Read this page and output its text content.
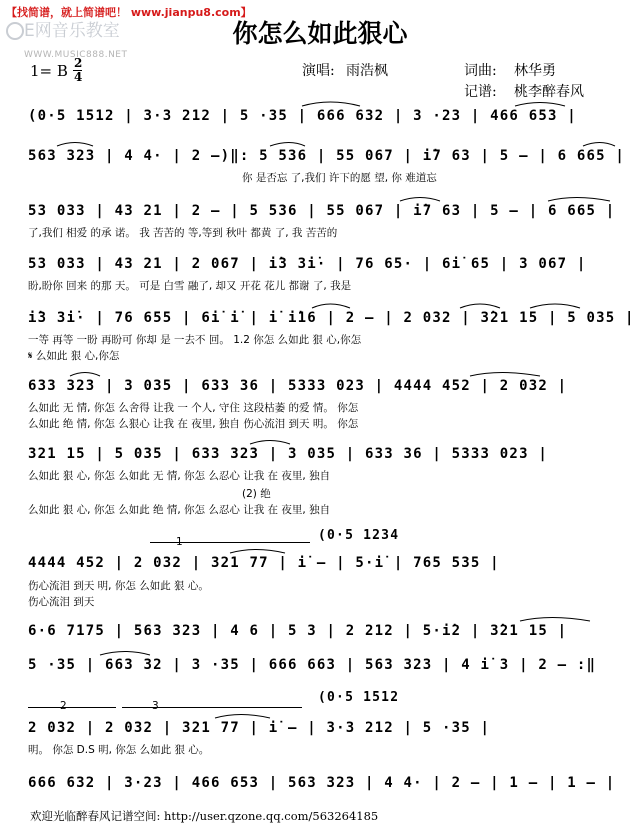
【找简谱，就上简谱吧！ www.jianpu8.com】
E网音乐教室
WWW.MUSIC888.NET
你怎么如此狠心
1= B 2
4	演唱: 雨浩枫	词曲: 林华勇
记谱: 桃李醉春风
(0·5 1512 | 3·3 212 | 5 ·35 | 666 632 | 3 ·23 | 466 653 |
563 323 | 4 4· | 2 –)‖: 5 536 | 55 067 | i̇7 63 | 5 – | 6 665 |
你 是否忘 了,我们 许下的愿 望, 你 难道忘
53 033 | 43 21 | 2 – | 5 536 | 55 067 | i̇7 63 | 5 – | 6 665 |
了,我们 相爱 的承 诺。 我 苦苦的 等,等到 秋叶 都黄 了, 我 苦苦的
53 033 | 43 21 | 2 067 | i̇3 3i̇· | 76 65· | 6i̇ 65 | 3 067 |
盼,盼你 回来 的那 天。 可是 白雪 融了, 却又 开花 花儿 都谢 了, 我是
i̇3 3i̇· | 76 655 | 6i̇ i̇ | i̇ i̇16 | 2 – | 2 032 | 3̇21 15 | 5 035 |
一等 再等 一盼 再盼可 你却 是 一去不 回。 1.2 你怎 么如此 狠 心,你怎
𝄋 么如此 狠 心,你怎
633 323 | 3 035 | 633 36 | 5333 023 | 4444 452 | 2 032 |
么如此 无 情, 你怎 么舍得 让我 一 个人, 守住 这段枯萎 的爱 情。 你怎
么如此 绝 情, 你怎 么狠心 让我 在 夜里, 独自 伤心流泪 到天 明。 你怎
321 15 | 5 035 | 633 323 | 3 035 | 633 36 | 5333 023 |
么如此 狠 心, 你怎 么如此 无 情, 你怎 么忍心 让我 在 夜里, 独自
(2) 绝
么如此 狠 心, 你怎 么如此 绝 情, 你怎 么忍心 让我 在 夜里, 独自
1	(0·5 1234
4444 452 | 2 032 | 321 77 | i̇ – | 5·i̇ | 765 535 |
伤心流泪 到天 明, 你怎 么如此 狠 心。
伤心流泪 到天
6·6 7175 | 563 323 | 4 6 | 5 3 | 2 212 | 5·i̇2 | 3̇21 15 |
5 ·35 | 663 32 | 3 ·35 | 666 663 | 563 323 | 4 i̇ 3 | 2 – :‖
2	3
(0·5 1512
2 032 | 2 032 | 321 77 | i̇ – | 3·3 212 | 5 ·35 |
明。 你怎 D.S 明, 你怎 么如此 狠 心。
666 632 | 3·23 | 466 653 | 563 323 | 4 4· | 2 – | 1 – | 1 – |
欢迎光临醉春风记谱空间: http://user.qzone.qq.com/563264185
